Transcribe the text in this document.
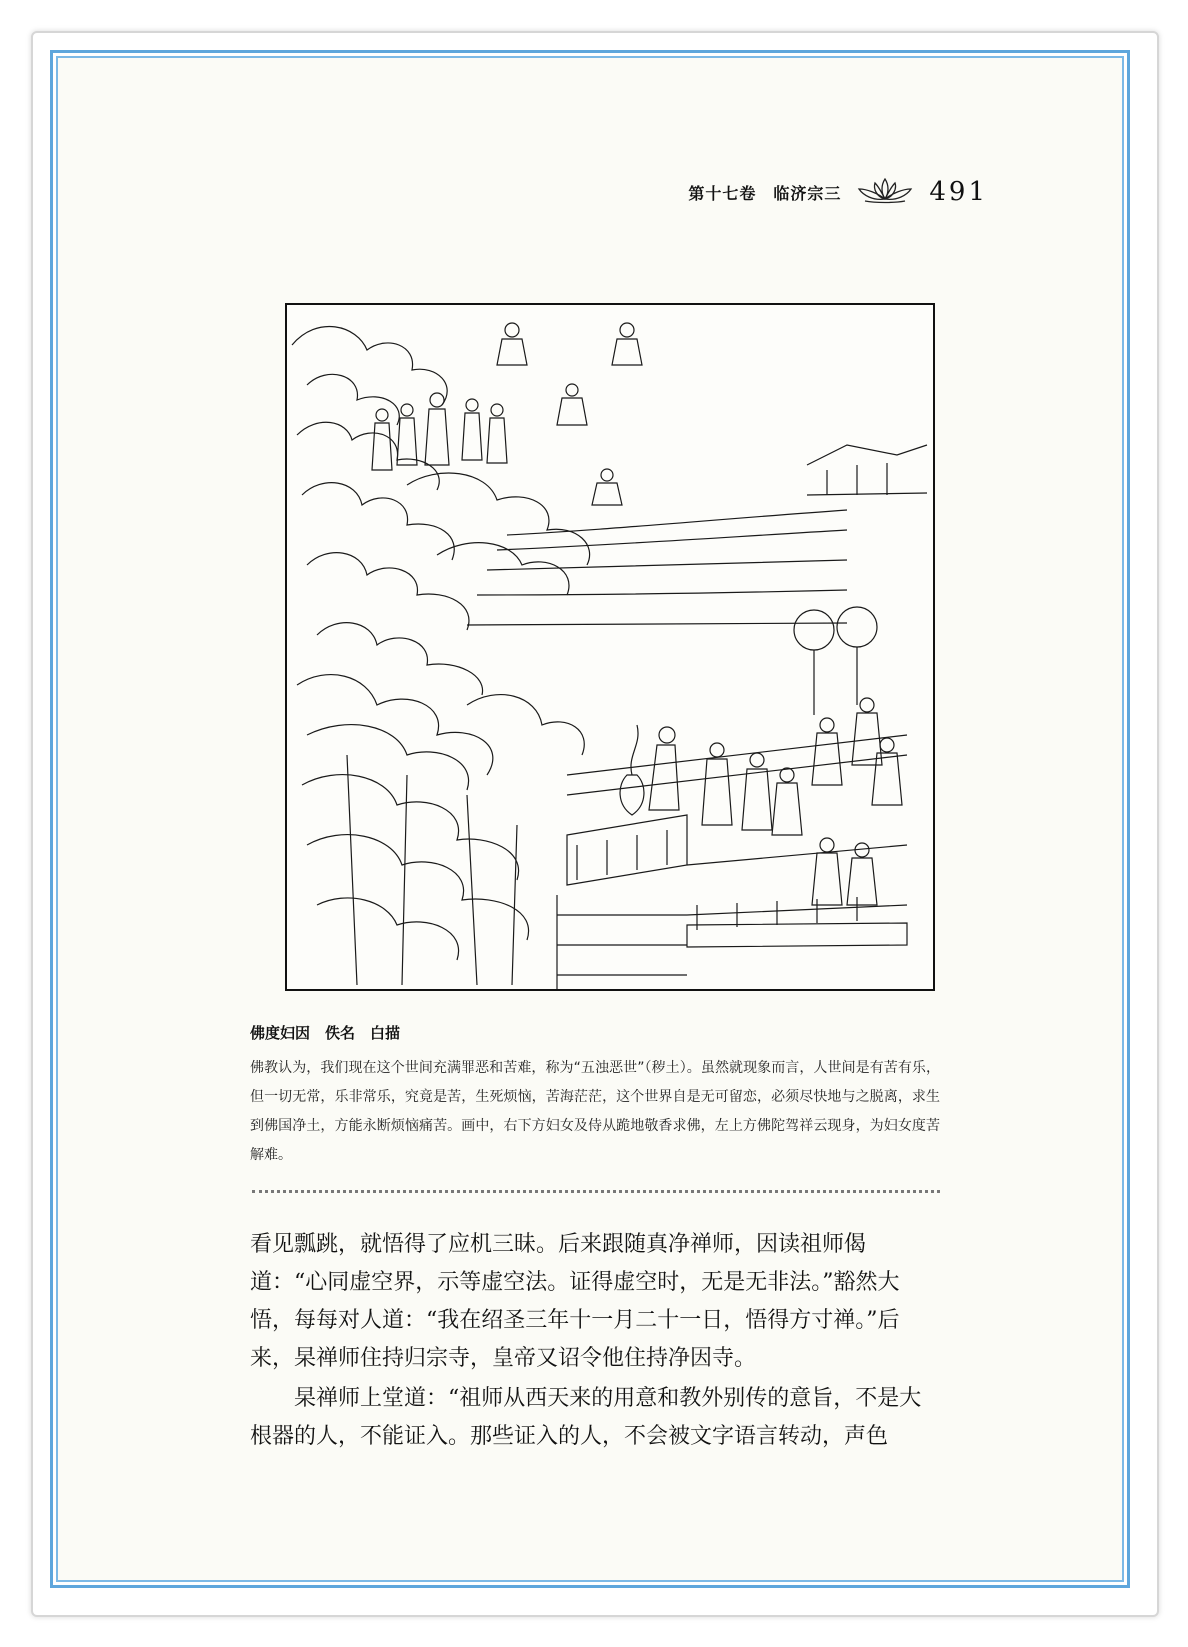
第十七卷　临济宗三	491
佛度妇因　佚名　白描

佛教认为，我们现在这个世间充满罪恶和苦难，称为“五浊恶世”（秽土）。虽然就现象而言，人世间是有苦有乐，但一切无常，乐非常乐，究竟是苦，生死烦恼，苦海茫茫，这个世界自是无可留恋，必须尽快地与之脱离，求生到佛国净土，方能永断烦恼痛苦。画中，右下方妇女及侍从跪地敬香求佛，左上方佛陀驾祥云现身，为妇女度苦解难。

看见瓢跳，就悟得了应机三昧。后来跟随真净禅师，因读祖师偈道：“心同虚空界，示等虚空法。证得虚空时，无是无非法。”豁然大悟，每每对人道：“我在绍圣三年十一月二十一日，悟得方寸禅。”后来，杲禅师住持归宗寺，皇帝又诏令他住持净因寺。

杲禅师上堂道：“祖师从西天来的用意和教外别传的意旨，不是大根器的人，不能证入。那些证入的人，不会被文字语言转动，声色
